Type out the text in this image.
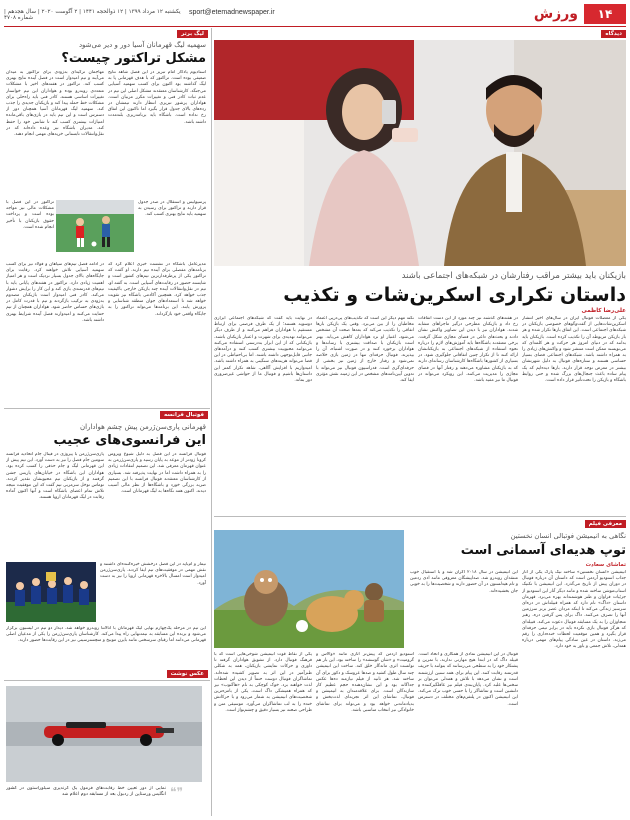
۱۴
ورزش
sport@etemadnewspaper.ir
یکشنبه ۱۲ مرداد ۱۳۹۹ | ۱۲ ذوالحجه ۱۴۴۱ | ۲ آگوست ۲۰۲۰ | سال هجدهم | شماره ۴۷۰۸
لیگ برتر
سهمیه لیگ قهرمانان آسیا دور و دیر می‌شود
مشکل تراکتور چیست؟
مهاجمان ترکیه‌ای به‌زودی برای تراکتور به میدان می‌آیند و تیم امیدوار است در فصل آینده نتایج بهتری کسب کند. تراکتور در هفته‌های اخیر با مشکلات متعددی روبه‌رو بوده و هواداران این تیم خواستار تغییرات اساسی هستند. کادر فنی باید راه‌حلی برای مشکلات خط حمله پیدا کند و بازیکنان جدیدی را جذب کند. سهمیه لیگ قهرمانان آسیا همچنان دور از دسترس است و این تیم باید در بازی‌های باقی‌مانده امتیازات بیشتری کسب کند تا شانس خود را حفظ کند. مدیران باشگاه نیز وعده داده‌اند که در نقل‌وانتقالات تابستانی خریدهای مهمی انجام دهند.
استادیوم یادگار امام تبریز در این فصل شاهد نتایج ضعیفی بوده است. تراکتور که با هدف قهرمانی پا به لیگ گذاشته بود اکنون برای کسب سهمیه آسیایی می‌جنگد. کارشناسان معتقدند مشکل اصلی این تیم در عدم ثبات کادر فنی و تغییرات مکرر مربیان است. هواداران پرشور تبریزی انتظار دارند تیمشان در رده‌های بالای جدول قرار بگیرد اما تاکنون این اتفاق رخ نداده است. باشگاه باید برنامه‌ریزی بلندمدت داشته باشد.
تراکتور در این فصل با مشکلات مالی نیز مواجه بوده است و پرداخت حقوق بازیکنان با تأخیر انجام شده است.
پرسپولیس و استقلال در صدر جدول قرار دارند و تراکتور برای رسیدن به سهمیه باید نتایج بهتری کسب کند.
در ادامه فصل تیم‌های سپاهان و فولاد نیز برای کسب سهمیه آسیایی تلاش خواهند کرد. رقابت برای جایگاه‌های بالای جدول بسیار نزدیک است و هر امتیاز اهمیت زیادی دارد. تراکتور در هفته‌های پایانی باید با تیم‌های قدرتمندی بازی کند و این کار را برایش دشوار می‌کند. کادر فنی امیدوار است بازیکنان مصدوم به‌زودی به ترکیب بازگردند و تیم با قدرت کامل در بازی‌های حساس حاضر شود. هواداران همچنان از تیم حمایت می‌کنند و امیدوارند فصل آینده شرایط بهتری داشته باشد.
مدیرعامل باشگاه در نشست خبری اعلام کرد که برنامه‌های مفصلی برای آینده تیم دارند. او گفت که تراکتور یکی از پرطرفدارترین تیم‌های کشور است و شایسته حضور در رقابت‌های آسیایی است. به گفته او، تیم در نقل‌وانتقالات آینده چند بازیکن خارجی باکیفیت جذب خواهد کرد. همچنین آکادمی باشگاه نیز تقویت خواهد شد تا استعدادهای جوان منطقه شناسایی و پرورش یابند. این برنامه‌ها می‌تواند تراکتور را به جایگاه واقعی خود بازگرداند.
فوتبال فرانسه
قهرمانی پاری‌سن‌ژرمن پیش چشم هواداران
این فرانسوی‌های عجیب
پاری‌سن‌ژرمن با پیروزی در فینال جام اتحادیه فرانسه سومین جام فصل را نیز به دست آورد. این تیم پیش از این قهرمانی لیگ و جام حذفی را کسب کرده بود. هواداران این باشگاه در خیابان‌های پاریس جشن گرفتند و از بازیکنان تیم محبوبشان تقدیر کردند. توماس توخل سرمربی تیم گفت که این موفقیت نتیجه تلاش تمام اعضای باشگاه است و آنها اکنون آماده رقابت در لیگ قهرمانان اروپا هستند.
فوتبال فرانسه در این فصل به دلیل شیوع ویروس کرونا زودتر از موعد به پایان رسید و پاری‌سن‌ژرمن به عنوان قهرمان معرفی شد. این تصمیم انتقادات زیادی را به همراه داشت اما در نهایت پذیرفته شد. بسیاری از کارشناسان معتقدند فوتبال فرانسه با این تصمیم ضربه بزرگی خورد و باشگاه‌ها از نظر مالی آسیب دیدند. اکنون همه نگاه‌ها به لیگ قهرمانان است.
نیمار و ام‌باپه در این فصل درخشش خیره‌کننده‌ای داشتند و نقش مهمی در موفقیت‌های تیم ایفا کردند. پاری‌سن‌ژرمن امیدوار است امسال بالاخره قهرمانی اروپا را نیز به دست آورد.
این تیم در مرحله یک‌چهارم نهایی لیگ قهرمانان با آتالانتا روبه‌رو خواهد شد. دیدار دو تیم در لیسبون برگزار می‌شود و برنده این مسابقه به نیمه‌نهایی راه پیدا می‌کند. کارشناسان پاری‌سن‌ژرمن را یکی از مدعیان اصلی قهرمانی می‌دانند اما رقبای سرسختی مانند بایرن مونیخ و منچسترسیتی نیز در این رقابت‌ها حضور دارند.
عکس نوشت
نمایی از دور تعیین خط رقابت‌های فرمول یک گرندپری سیلوراستون در کشور انگلیس ورستاپن از ردبول بعد از مسابقه دوم اعلام شد ❝❞
دیدگاه
بازیکنان باید بیشتر مراقب رفتارشان در شبکه‌های اجتماعی باشند
داستان تکراری اسکرین‌شات و تکذیب
علی‌رضا کاظمی
یکی از معضلات فوتبال ایران در سال‌های اخیر انتشار اسکرین‌شات‌هایی از گفت‌وگوهای خصوصی بازیکنان در شبکه‌های اجتماعی است. این اتفاق بارها تکرار شده و هر بار بازیکن مربوطه آن را تکذیب کرده است. بازیکنان باید بدانند که در دنیای امروز هر حرکت و هر کلمه‌ای که می‌نویسند ممکن است منتشر شود و واکنش‌های زیادی را به همراه داشته باشد. شبکه‌های اجتماعی فضای بسیار حساسی هستند و ستاره‌های فوتبال به دلیل شهرتشان بیشتر در معرض توجه قرار دارند. بارها دیده‌ایم که یک پیام ساده باعث جنجال‌های بزرگ شده و حتی روابط باشگاه و بازیکن را تحت‌تأثیر قرار داده است.
در هفته‌های گذشته نیز چند مورد از این دست اتفاقات رخ داد و بازیکنان مطرحی درگیر ماجراهای مشابه شدند. هواداران نیز با دیدن این تصاویر واکنش نشان دادند و بحث‌های داغی در فضای مجازی شکل گرفت. برخی معتقدند باشگاه‌ها باید آموزش‌های لازم را درباره نحوه استفاده از شبکه‌های اجتماعی به بازیکنانشان ارائه کنند تا از تکرار چنین اتفاقاتی جلوگیری شود. در بسیاری از کشورها باشگاه‌ها کارشناسان رسانه‌ای دارند که به بازیکنان مشاوره می‌دهند و رفتار آنها در فضای مجازی را مدیریت می‌کنند. این رویکرد می‌تواند در فوتبال ما نیز مفید باشد.
نکته مهم دیگر این است که تکذیب‌های پی‌درپی اعتماد مخاطبان را از بین می‌برد. وقتی یک بازیکن بارها اتفاقی را تکذیب می‌کند که بعدها صحت آن مشخص می‌شود، اعتبار او نزد هواداران کاهش می‌یابد. بهتر است بازیکنان با صداقت بیشتری با رسانه‌ها و هواداران برخورد کنند و در صورت اشتباه، آن را بپذیرند. فوتبال حرفه‌ای تنها در زمین بازی خلاصه نمی‌شود و رفتار خارج از زمین نیز بخشی از حرفه‌ای‌گری است. فدراسیون فوتبال نیز می‌تواند با تدوین آیین‌نامه‌های مشخص در این زمینه نقش مؤثری ایفا کند.
در نهایت باید گفت که شبکه‌های اجتماعی ابزاری دوسویه هستند؛ از یک طرف فرصتی برای ارتباط مستقیم با هواداران فراهم می‌کنند و از طرف دیگر می‌توانند تهدیدی برای شهرت و اعتبار بازیکنان باشند. بازیکنانی که از این ابزار به‌درستی استفاده می‌کنند می‌توانند محبوبیت بیشتری کسب کنند و درآمدهای جانبی قابل‌توجهی داشته باشند. اما بی‌احتیاطی در این فضا می‌تواند هزینه‌های سنگینی به همراه داشته باشد. امیدواریم با افزایش آگاهی، شاهد تکرار کمتر این داستان‌ها باشیم و فوتبال ما از حواشی غیرضروری دور بماند.
معرفی فیلم
نگاهی به انیمیشن فوتبالی انسان نخستین
توپ هدیه‌ای آسمانی است
تماشای سعادت
انیمیشن «انسان نخستین» ساخته نیک پارک یکی از آثار جذاب استودیو آردمن است که داستان آن درباره فوتبال در دوران پیش از تاریخ می‌گذرد. این انیمیشن با تکنیک استاپ‌موشن ساخته شده و مانند دیگر آثار این استودیو از جزئیات فراوان و طنز هوشمندانه بهره می‌برد. قهرمان داستان «داگ» نام دارد که همراه قبیله‌اش در دره‌ای سرسبز زندگی می‌کند تا اینکه مردان عصر برنز سرزمین آنها را تصرف می‌کنند. داگ برای پس گرفتن دره، رهبر متجاوزان را به یک مسابقه فوتبال دعوت می‌کند. قبیله‌ای که هرگز فوتبال بازی نکرده باید در برابر تیمی حرفه‌ای قرار بگیرد و همین موقعیت لحظات خنده‌داری را رقم می‌زند. داستان در عین سادگی پیام‌های مهمی درباره همدلی، تلاش جمعی و باور به خود دارد.
این انیمیشن در سال ۲۰۱۸ اکران شد و با استقبال خوب منتقدان روبه‌رو شد. صداپیشگان معروفی مانند ادی ردمین و تام هیدلستون در آن حضور دارند و شخصیت‌ها را به خوبی جان بخشیده‌اند.
یکی از نقاط قوت انیمیشن شوخی‌هایی است که با فرهنگ فوتبال دارد. از تشویق هواداران گرفته تا داوری و حرکات نمایشی بازیکنان، همه به شکلی طنزآمیز در این اثر به تصویر کشیده شده‌اند. تماشاگران فوتبال دوست حتماً از دیدن این لحظات لذت خواهند برد. خوک کوچکی به نام «هاگنوب» نیز که همراه همیشگی داگ است، یکی از بامزه‌ترین شخصیت‌های انیمیشن به شمار می‌رود و با حرکاتش خنده را به لب تماشاگران می‌آورد. موسیقی متن و طراحی صحنه نیز بسیار دقیق و چشم‌نواز است.
استودیو آردمن که پیش‌تر آثاری مانند «والاس و گرومیت» و «شان گوسفند» را ساخته بود، این بار هم توانست اثری ماندگار خلق کند. ساخت این انیمیشن چند سال طول کشید و صدها عروسک و دکور برای آن ساخته شد. هر ثانیه از فیلم نیازمند ده‌ها عکس جداگانه بود و این نشان‌دهنده حجم عظیم کار سازندگان است. برای علاقه‌مندان به انیمیشن و فوتبال، تماشای این اثر تجربه‌ای لذت‌بخش و به‌یادماندنی خواهد بود و می‌تواند برای تماشای خانوادگی نیز انتخاب مناسبی باشد.
فوتبال در این انیمیشن نمادی از همکاری و اتحاد است. قبیله داگ که در ابتدا هیچ مهارتی ندارند، با تمرین و پشتکار خود را به سطحی می‌رسانند که بتوانند با حریف قدرتمند رقابت کنند. این پیام برای همه سنین ارزشمند است و نشان می‌دهد با تلاش و همدلی می‌توان بر سختی‌ها غلبه کرد. پایان‌بندی فیلم نیز غافلگیرکننده و دلنشین است و تماشاگر را با حسی خوب ترک می‌کند. این انیمیشن اکنون در پلتفرم‌های مختلف در دسترس است.
